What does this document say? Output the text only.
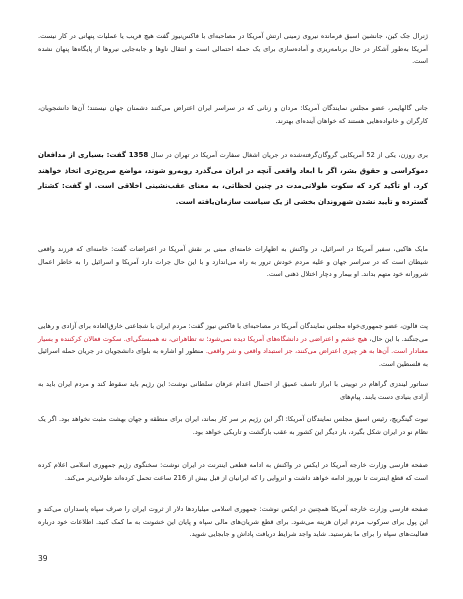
ژنرال جک کین، جانشین اسبق فرمانده نیروی زمینی ارتش آمریکا در مصاحبه‌ای با فاکس‌نیوز گفت هیچ فریب یا عملیات پنهانی در کار نیست. آمریکا به‌طور آشکار در حال برنامه‌ریزی و آماده‌سازی برای یک حمله احتمالی است و انتقال ناوها و جابه‌جایی نیروها از پایگاه‌ها پنهان نشده است.

جانی گالهایمر، عضو مجلس نمایندگان آمریکا: مردان و زنانی که در سراسر ایران اعتراض می‌کنند دشمنان جهان نیستند؛ آن‌ها دانشجویان، کارگران و خانواده‌هایی هستند که خواهان آینده‌ای بهترند.

بری روزن، یکی از 52 آمریکایی گروگان‌گرفته‌شده در جریان اشغال سفارت آمریکا در تهران در سال 1358 گفت: بسیاری از مدافعان دموکراسی و حقوق بشر، اگر با ابعاد واقعی آنچه در ایران می‌گذرد روبه‌رو شوند، مواضع صریح‌تری اتخاذ خواهند کرد. او تأکید کرد که سکوت طولانی‌مدت در چنین لحظاتی، به معنای عقب‌نشینی اخلاقی است. او گفت: کشتار گسترده و تأیید نشدن شهروندان بخشی از یک سیاست سازمان‌یافته است.

مایک هاکبی، سفیر آمریکا در اسرائیل، در واکنش به اظهارات خامنه‌ای مبنی بر نقش آمریکا در اعتراضات گفت: خامنه‌ای که فرزند واقعی شیطان است که در سراسر جهان و علیه مردم خودش ترور به راه می‌اندازد و با این حال جرات دارد آمریکا و اسرائیل را به خاطر اعمال شرورانه خود متهم بداند. او بیمار و دچار اختلال ذهنی است.

پت فالون، عضو جمهوری‌خواه مجلس نمایندگان آمریکا در مصاحبه‌ای با فاکس نیوز گفت: مردم ایران با شجاعتی خارق‌العاده برای آزادی و رهایی می‌جنگند. با این حال، هیچ خشم و اعتراضی در دانشگاه‌های آمریکا دیده نمی‌شود؛ نه تظاهراتی، نه همبستگی‌ای. سکوت فعالان کرکننده و بسیار معنادار است. آن‌ها به هر چیزی اعتراض می‌کنند، جز استبداد واقعی و شر واقعی. منظور او اشاره به بلوای دانشجویان در جریان حمله اسرائیل به فلسطین است.

سناتور لیندزی گراهام در توییتی با ابراز تاسف عمیق از احتمال اعدام عرفان سلطانی نوشت: این رژیم باید سقوط کند و مردم ایران باید به آزادی بنیادی دست یابند. پیام‌های

نیوت گینگریچ، رئیس اسبق مجلس نمایندگان آمریکا: اگر این رژیم بر سر کار بماند، ایران برای منطقه و جهان بهشت مثبت نخواهد بود. اگر یک نظام نو در ایران شکل بگیرد، بار دیگر این کشور به عقب بازگشت و تاریکی خواهد بود.

صفحه فارسی وزارت خارجه آمریکا در ایکس در واکنش به ادامه قطعی اینترنت در ایران نوشت: سخنگوی رژیم جمهوری اسلامی اعلام کرده است که قطع اینترنت تا نوروز ادامه خواهد داشت و انزوایی را که ایرانیان از قبل بیش از 216 ساعت تحمل کرده‌اند طولانی‌تر می‌کند.

صفحه فارسی وزارت خارجه آمریکا همچنین در ایکس نوشت: جمهوری اسلامی میلیاردها دلار از ثروت ایران را صرف سپاه پاسداران می‌کند و این پول برای سرکوب مردم ایران هزینه می‌شود. برای قطع شریان‌های مالی سپاه و پایان این خشونت به ما کمک کنید. اطلاعات خود درباره فعالیت‌های سپاه را برای ما بفرستید. شاید واجد شرایط دریافت پاداش و جابجایی شوید.

39
